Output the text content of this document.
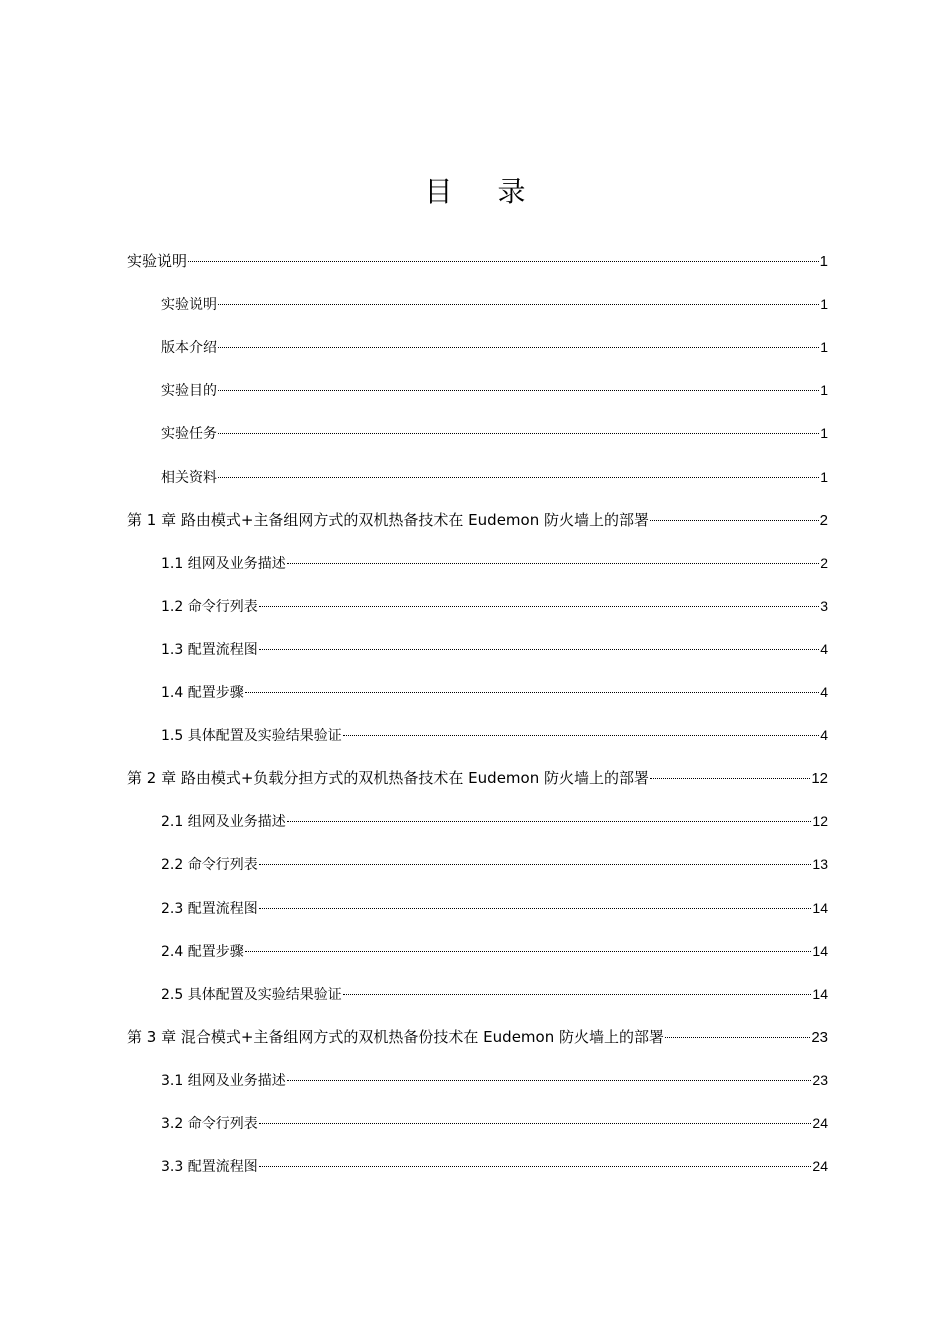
目 录
实验说明	1
实验说明	1
版本介绍	1
实验目的	1
实验任务	1
相关资料	1
第 1 章 路由模式+主备组网方式的双机热备技术在 Eudemon 防火墙上的部署	2
1.1 组网及业务描述	2
1.2 命令行列表	3
1.3 配置流程图	4
1.4 配置步骤	4
1.5 具体配置及实验结果验证	4
第 2 章 路由模式+负载分担方式的双机热备技术在 Eudemon 防火墙上的部署	12
2.1 组网及业务描述	12
2.2 命令行列表	13
2.3 配置流程图	14
2.4 配置步骤	14
2.5 具体配置及实验结果验证	14
第 3 章 混合模式+主备组网方式的双机热备份技术在 Eudemon 防火墙上的部署	23
3.1 组网及业务描述	23
3.2 命令行列表	24
3.3 配置流程图	24
